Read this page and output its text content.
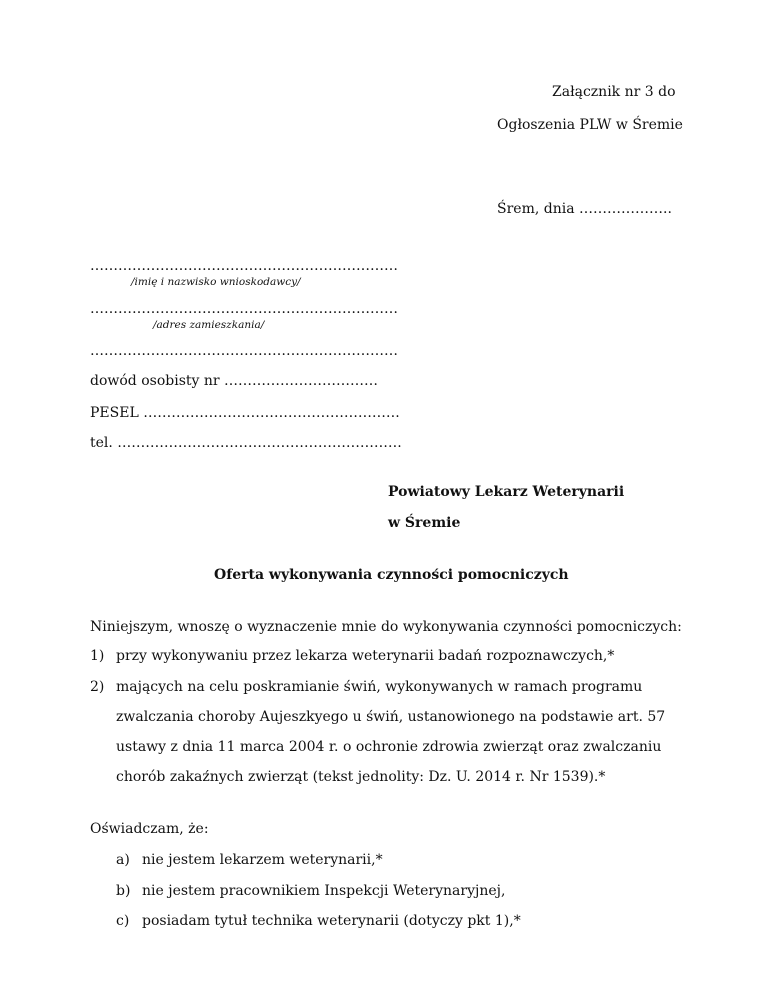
Załącznik nr 3 do
Ogłoszenia PLW w Śremie
Śrem, dnia ………………..
…………………………………………………………
/imię i nazwisko wnioskodawcy/
…………………………………………………………
/adres zamieszkania/
…………………………………………………………
dowód osobisty nr ……………………………
PESEL ……………………………………………….
tel. …………………………………………………….
Powiatowy Lekarz Weterynarii
w Śremie
Oferta wykonywania czynności pomocniczych
Niniejszym, wnoszę o wyznaczenie mnie do wykonywania czynności pomocniczych:
1) przy wykonywaniu przez lekarza weterynarii badań rozpoznawczych,*
2) mających na celu poskramianie świń, wykonywanych w ramach programu
zwalczania choroby Aujeszkyego u świń, ustanowionego na podstawie art. 57
ustawy z dnia 11 marca 2004 r. o ochronie zdrowia zwierząt oraz zwalczaniu
chorób zakaźnych zwierząt (tekst jednolity: Dz. U. 2014 r. Nr 1539).*
Oświadczam, że:
a) nie jestem lekarzem weterynarii,*
b) nie jestem pracownikiem Inspekcji Weterynaryjnej,
c) posiadam tytuł technika weterynarii (dotyczy pkt 1),*
